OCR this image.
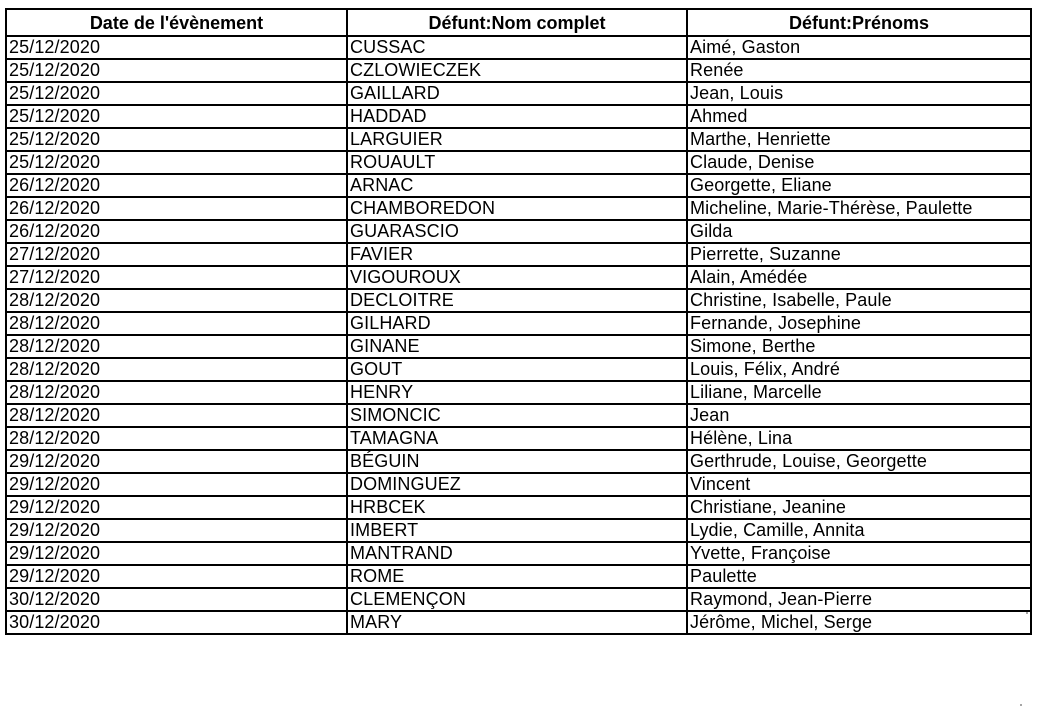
Date de l'évènement	Défunt:Nom complet	Défunt:Prénoms
25/12/2020	CUSSAC	Aimé, Gaston
25/12/2020	CZLOWIECZEK	Renée
25/12/2020	GAILLARD	Jean, Louis
25/12/2020	HADDAD	Ahmed
25/12/2020	LARGUIER	Marthe, Henriette
25/12/2020	ROUAULT	Claude, Denise
26/12/2020	ARNAC	Georgette, Eliane
26/12/2020	CHAMBOREDON	Micheline, Marie-Thérèse, Paulette
26/12/2020	GUARASCIO	Gilda
27/12/2020	FAVIER	Pierrette, Suzanne
27/12/2020	VIGOUROUX	Alain, Amédée
28/12/2020	DECLOITRE	Christine, Isabelle, Paule
28/12/2020	GILHARD	Fernande, Josephine
28/12/2020	GINANE	Simone, Berthe
28/12/2020	GOUT	Louis, Félix, André
28/12/2020	HENRY	Liliane, Marcelle
28/12/2020	SIMONCIC	Jean
28/12/2020	TAMAGNA	Hélène, Lina
29/12/2020	BÉGUIN	Gerthrude, Louise, Georgette
29/12/2020	DOMINGUEZ	Vincent
29/12/2020	HRBCEK	Christiane, Jeanine
29/12/2020	IMBERT	Lydie, Camille, Annita
29/12/2020	MANTRAND	Yvette, Françoise
29/12/2020	ROME	Paulette
30/12/2020	CLEMENÇON	Raymond, Jean-Pierre
30/12/2020	MARY	Jérôme, Michel, Serge
